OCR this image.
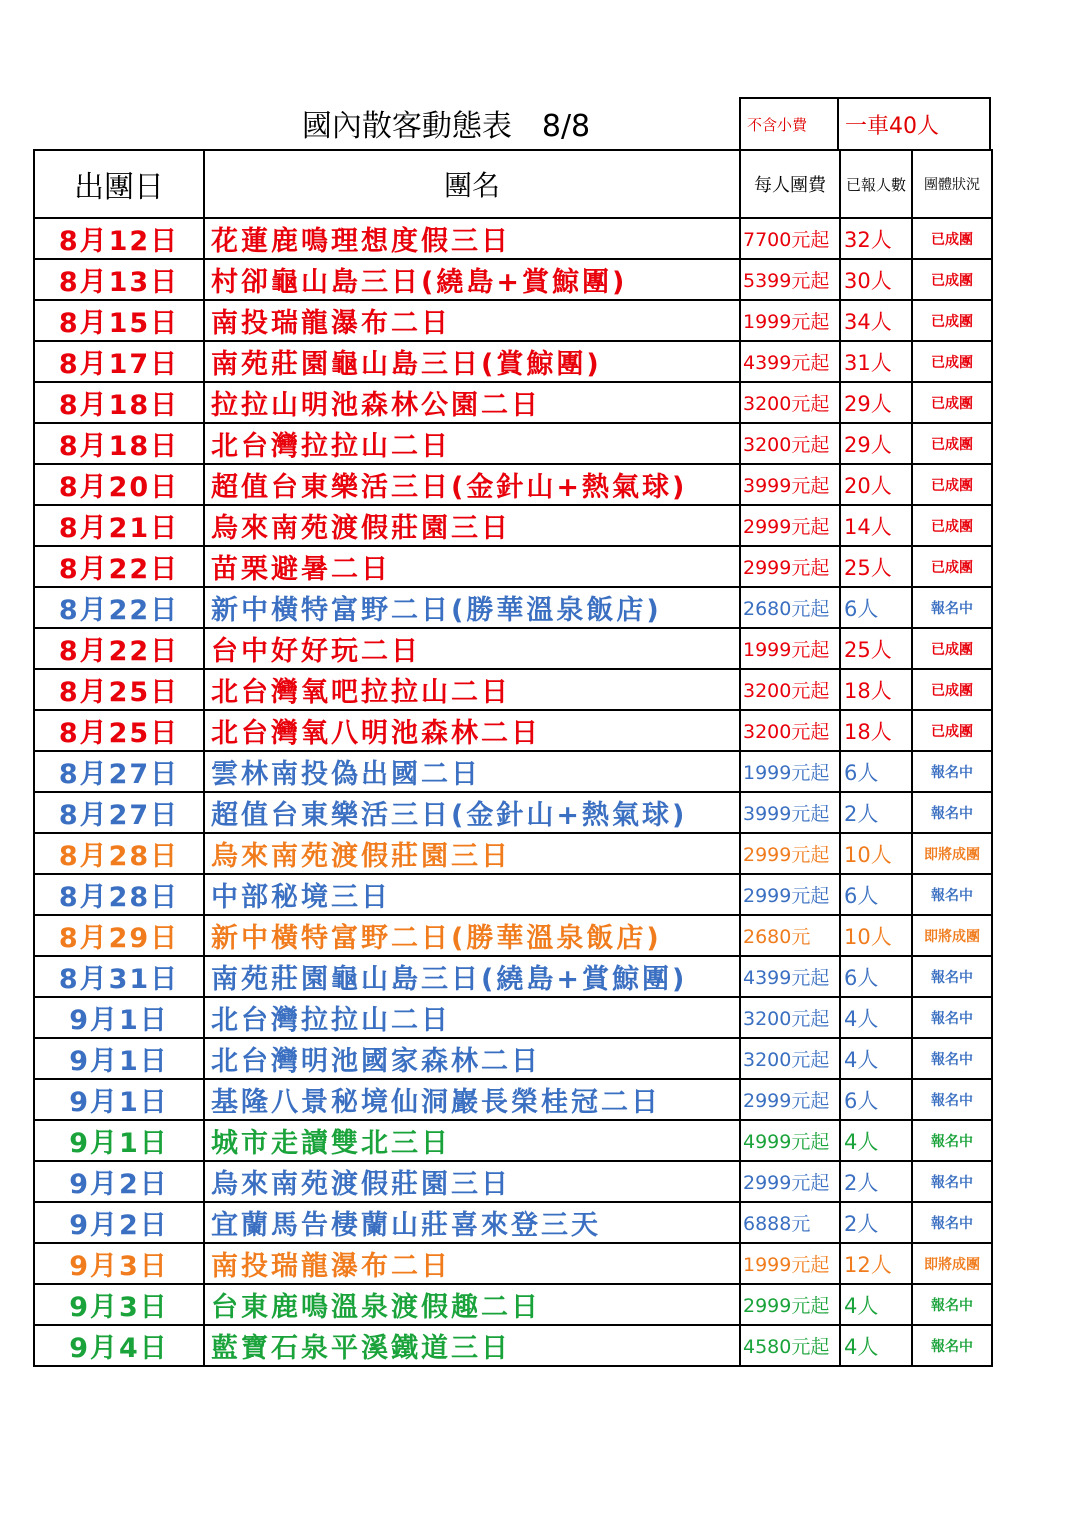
國內散客動態表　8/8	不含小費	一車40人
出團日	團名	每人團費	已報人數	團體狀況
8月12日	花蓮鹿鳴理想度假三日	7700元起	32人	已成團
8月13日	村卻龜山島三日(繞島+賞鯨團)	5399元起	30人	已成團
8月15日	南投瑞龍瀑布二日	1999元起	34人	已成團
8月17日	南苑莊園龜山島三日(賞鯨團)	4399元起	31人	已成團
8月18日	拉拉山明池森林公園二日	3200元起	29人	已成團
8月18日	北台灣拉拉山二日	3200元起	29人	已成團
8月20日	超值台東樂活三日(金針山+熱氣球)	3999元起	20人	已成團
8月21日	烏來南苑渡假莊園三日	2999元起	14人	已成團
8月22日	苗栗避暑二日	2999元起	25人	已成團
8月22日	新中橫特富野二日(勝華溫泉飯店)	2680元起	6人	報名中
8月22日	台中好好玩二日	1999元起	25人	已成團
8月25日	北台灣氧吧拉拉山二日	3200元起	18人	已成團
8月25日	北台灣氧八明池森林二日	3200元起	18人	已成團
8月27日	雲林南投偽出國二日	1999元起	6人	報名中
8月27日	超值台東樂活三日(金針山+熱氣球)	3999元起	2人	報名中
8月28日	烏來南苑渡假莊園三日	2999元起	10人	即將成團
8月28日	中部秘境三日	2999元起	6人	報名中
8月29日	新中橫特富野二日(勝華溫泉飯店)	2680元	10人	即將成團
8月31日	南苑莊園龜山島三日(繞島+賞鯨團)	4399元起	6人	報名中
9月1日	北台灣拉拉山二日	3200元起	4人	報名中
9月1日	北台灣明池國家森林二日	3200元起	4人	報名中
9月1日	基隆八景秘境仙洞巖長榮桂冠二日	2999元起	6人	報名中
9月1日	城市走讀雙北三日	4999元起	4人	報名中
9月2日	烏來南苑渡假莊園三日	2999元起	2人	報名中
9月2日	宜蘭馬告棲蘭山莊喜來登三天	6888元	2人	報名中
9月3日	南投瑞龍瀑布二日	1999元起	12人	即將成團
9月3日	台東鹿鳴溫泉渡假趣二日	2999元起	4人	報名中
9月4日	藍寶石泉平溪鐵道三日	4580元起	4人	報名中
